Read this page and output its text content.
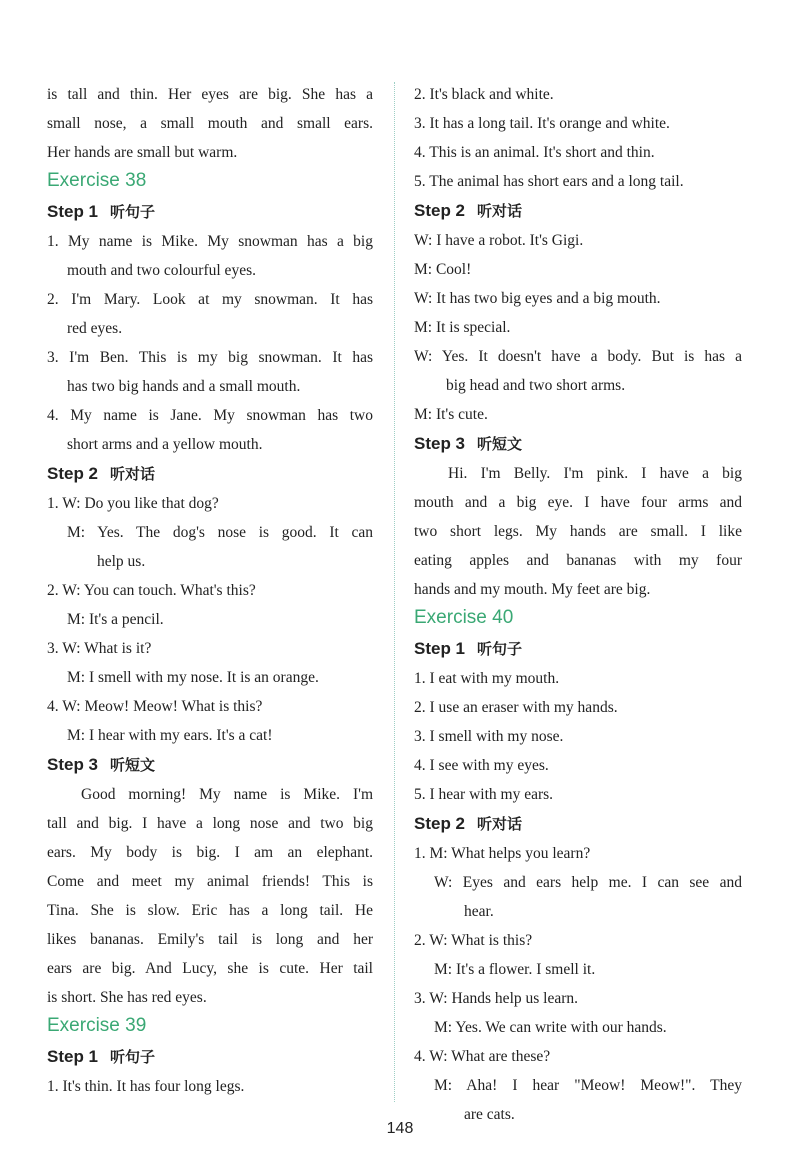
is tall and thin. Her eyes are big. She has a
small nose, a small mouth and small ears.
Her hands are small but warm.
Exercise 38
Step 1 听句子
1. My name is Mike. My snowman has a big
mouth and two colourful eyes.
2. I'm Mary. Look at my snowman. It has
red eyes.
3. I'm Ben. This is my big snowman. It has
has two big hands and a small mouth.
4. My name is Jane. My snowman has two
short arms and a yellow mouth.
Step 2 听对话
1. W: Do you like that dog?
M: Yes. The dog's nose is good. It can
help us.
2. W: You can touch. What's this?
M: It's a pencil.
3. W: What is it?
M: I smell with my nose. It is an orange.
4. W: Meow! Meow! What is this?
M: I hear with my ears. It's a cat!
Step 3 听短文
Good morning! My name is Mike. I'm
tall and big. I have a long nose and two big
ears. My body is big. I am an elephant.
Come and meet my animal friends! This is
Tina. She is slow. Eric has a long tail. He
likes bananas. Emily's tail is long and her
ears are big. And Lucy, she is cute. Her tail
is short. She has red eyes.
Exercise 39
Step 1 听句子
1. It's thin. It has four long legs.
2. It's black and white.
3. It has a long tail. It's orange and white.
4. This is an animal. It's short and thin.
5. The animal has short ears and a long tail.
Step 2 听对话
W: I have a robot. It's Gigi.
M: Cool!
W: It has two big eyes and a big mouth.
M: It is special.
W: Yes. It doesn't have a body. But is has a
big head and two short arms.
M: It's cute.
Step 3 听短文
Hi. I'm Belly. I'm pink. I have a big
mouth and a big eye. I have four arms and
two short legs. My hands are small. I like
eating apples and bananas with my four
hands and my mouth. My feet are big.
Exercise 40
Step 1 听句子
1. I eat with my mouth.
2. I use an eraser with my hands.
3. I smell with my nose.
4. I see with my eyes.
5. I hear with my ears.
Step 2 听对话
1. M: What helps you learn?
W: Eyes and ears help me. I can see and
hear.
2. W: What is this?
M: It's a flower. I smell it.
3. W: Hands help us learn.
M: Yes. We can write with our hands.
4. W: What are these?
M: Aha! I hear "Meow! Meow!". They
are cats.
148
